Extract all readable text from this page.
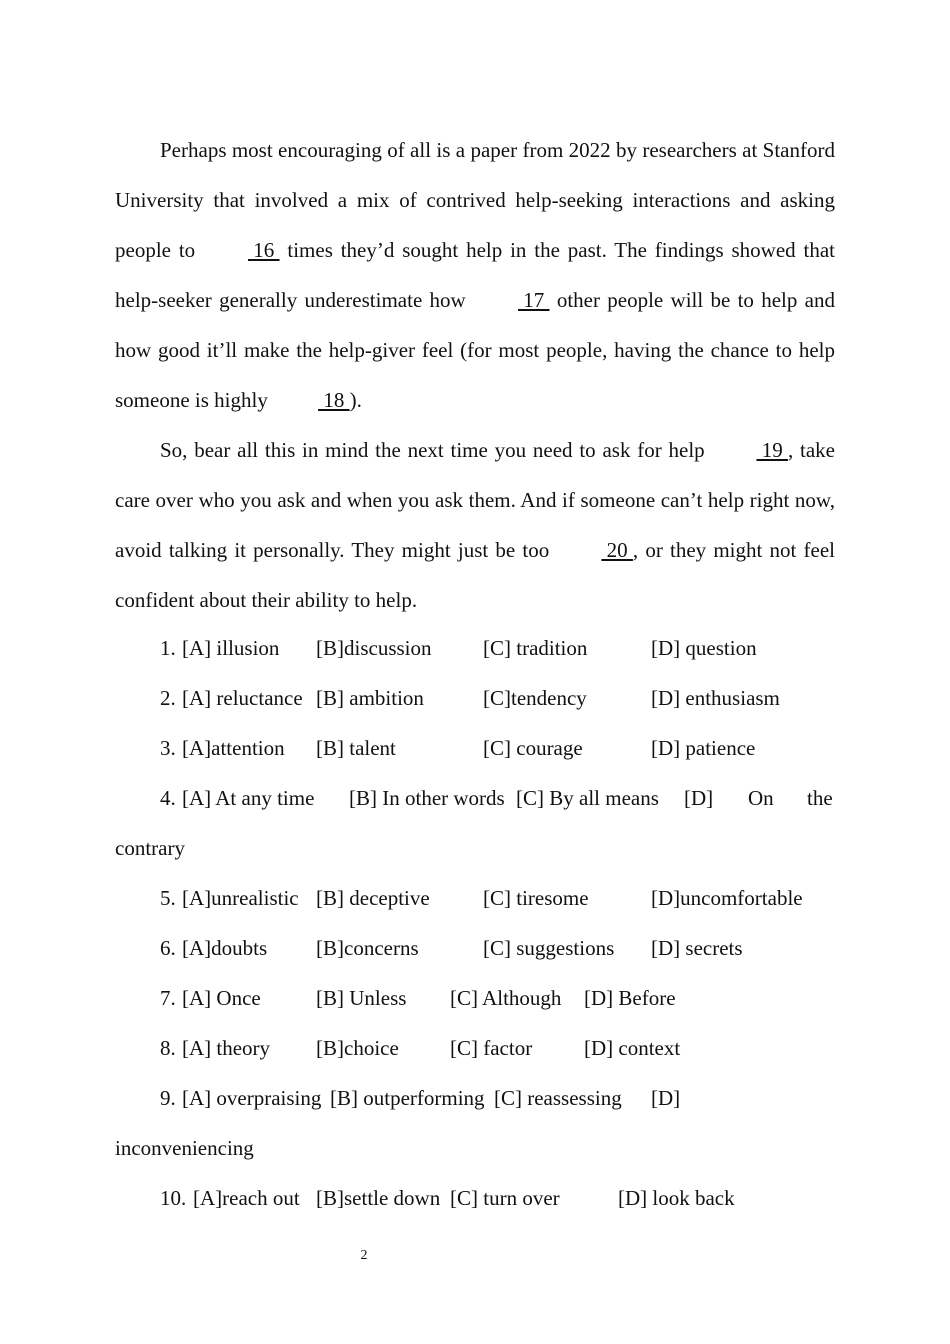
Perhaps most encouraging of all is a paper from 2022 by researchers at Stanford University that involved a mix of contrived help-seeking interactions and asking people to  16  times they’d sought help in the past. The findings showed that help-seeker generally underestimate how  17  other people will be to help and how good it’ll make the help-giver feel (for most people, having the chance to help someone is highly  18 ).

So, bear all this in mind the next time you need to ask for help  19 , take care over who you ask and when you ask them. And if someone can’t help right now, avoid talking it personally. They might just be too  20 , or they might not feel confident about their ability to help.

1. [A] illusion [B]discussion [C] tradition	[D] question
2. [A] reluctance [B] ambition	[C]tendency	[D] enthusiasm
3. [A]attention [B] talent	[C] courage	[D] patience
4. [A] At any time [B] In other words [C] By all means [D] On the
contrary
5. [A]unrealistic [B] deceptive	[C] tiresome	[D]uncomfortable
6. [A]doubts [B]concerns	[C] suggestions [D] secrets
7. [A] Once	[B] Unless [C] Although [D] Before
8. [A] theory [B]choice [C] factor [D] context
9. [A] overpraising [B] outperforming [C] reassessing [D]
inconveniencing
10. [A]reach out [B]settle down [C] turn over	[D] look back
2
